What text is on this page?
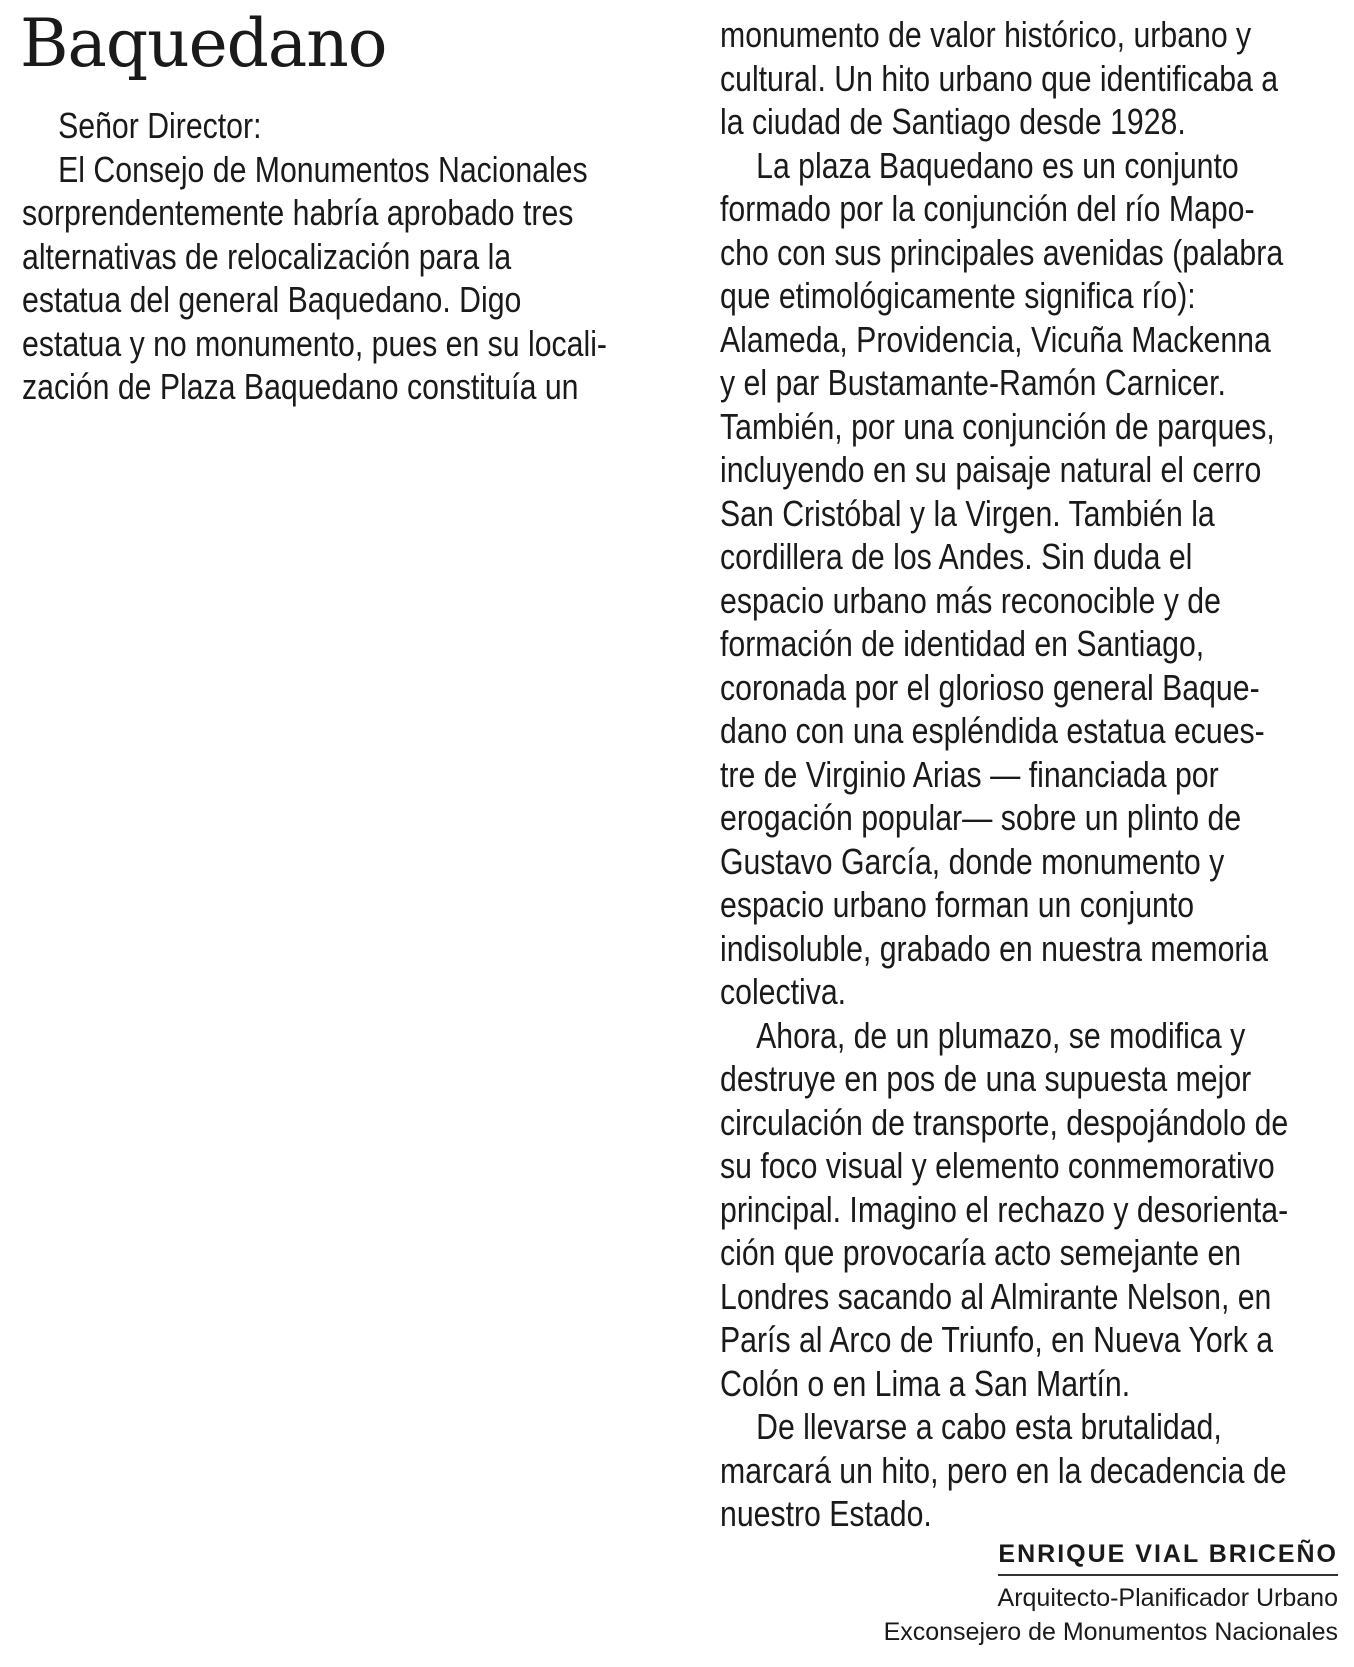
Baquedano
Señor Director:
El Consejo de Monumentos Nacionales
sorprendentemente habría aprobado tres
alternativas de relocalización para la
estatua del general Baquedano. Digo
estatua y no monumento, pues en su locali-
zación de Plaza Baquedano constituía un
monumento de valor histórico, urbano y
cultural. Un hito urbano que identificaba a
la ciudad de Santiago desde 1928.
La plaza Baquedano es un conjunto
formado por la conjunción del río Mapo-
cho con sus principales avenidas (palabra
que etimológicamente significa río):
Alameda, Providencia, Vicuña Mackenna
y el par Bustamante-Ramón Carnicer.
También, por una conjunción de parques,
incluyendo en su paisaje natural el cerro
San Cristóbal y la Virgen. También la
cordillera de los Andes. Sin duda el
espacio urbano más reconocible y de
formación de identidad en Santiago,
coronada por el glorioso general Baque-
dano con una espléndida estatua ecues-
tre de Virginio Arias — financiada por
erogación popular— sobre un plinto de
Gustavo García, donde monumento y
espacio urbano forman un conjunto
indisoluble, grabado en nuestra memoria
colectiva.
Ahora, de un plumazo, se modifica y
destruye en pos de una supuesta mejor
circulación de transporte, despojándolo de
su foco visual y elemento conmemorativo
principal. Imagino el rechazo y desorienta-
ción que provocaría acto semejante en
Londres sacando al Almirante Nelson, en
París al Arco de Triunfo, en Nueva York a
Colón o en Lima a San Martín.
De llevarse a cabo esta brutalidad,
marcará un hito, pero en la decadencia de
nuestro Estado.
ENRIQUE VIAL BRICEÑO
Arquitecto-Planificador Urbano
Exconsejero de Monumentos Nacionales
